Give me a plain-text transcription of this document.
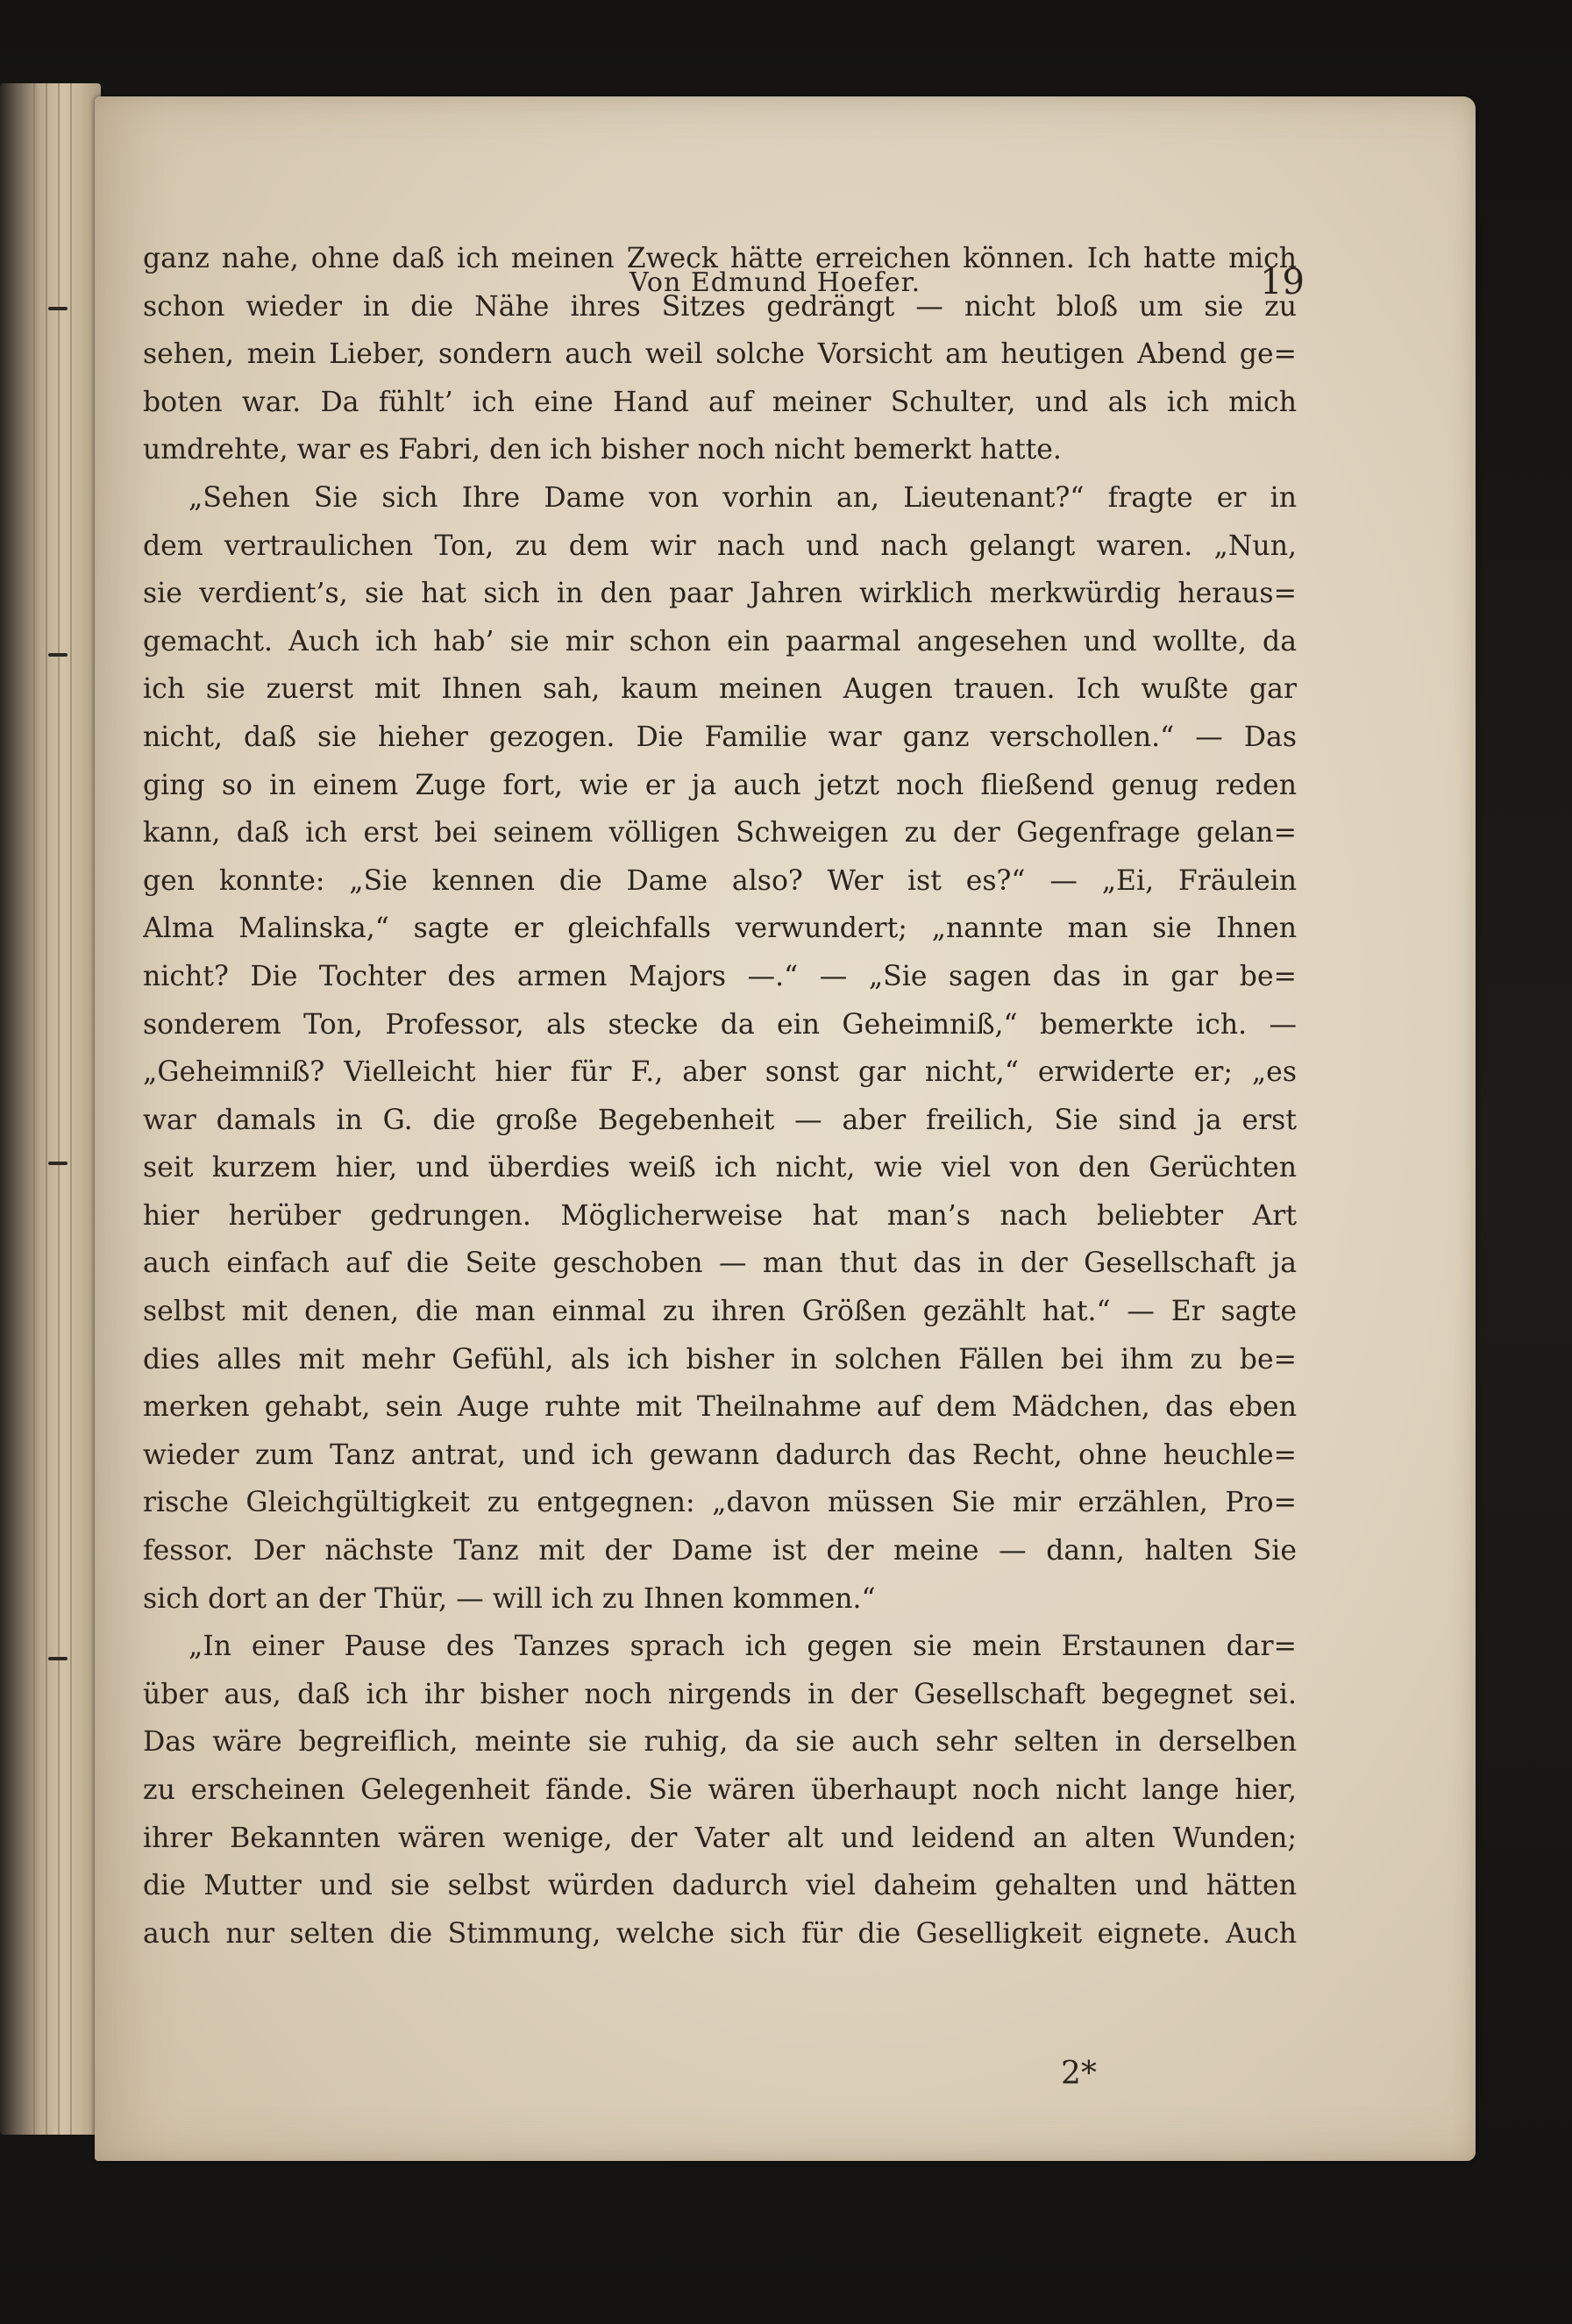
Von Edmund Hoefer.	19
ganz nahe, ohne daß ich meinen Zweck hätte erreichen können. Ich hatte mich
schon wieder in die Nähe ihres Sitzes gedrängt — nicht bloß um sie zu
sehen, mein Lieber, sondern auch weil solche Vorsicht am heutigen Abend ge=
boten war. Da fühlt’ ich eine Hand auf meiner Schulter, und als ich mich
umdrehte, war es Fabri, den ich bisher noch nicht bemerkt hatte.
„Sehen Sie sich Ihre Dame von vorhin an, Lieutenant?“ fragte er in
dem vertraulichen Ton, zu dem wir nach und nach gelangt waren. „Nun,
sie verdient’s, sie hat sich in den paar Jahren wirklich merkwürdig heraus=
gemacht. Auch ich hab’ sie mir schon ein paarmal angesehen und wollte, da
ich sie zuerst mit Ihnen sah, kaum meinen Augen trauen. Ich wußte gar
nicht, daß sie hieher gezogen. Die Familie war ganz verschollen.“ — Das
ging so in einem Zuge fort, wie er ja auch jetzt noch fließend genug reden
kann, daß ich erst bei seinem völligen Schweigen zu der Gegenfrage gelan=
gen konnte: „Sie kennen die Dame also? Wer ist es?“ — „Ei, Fräulein
Alma Malinska,“ sagte er gleichfalls verwundert; „nannte man sie Ihnen
nicht? Die Tochter des armen Majors —.“ — „Sie sagen das in gar be=
sonderem Ton, Professor, als stecke da ein Geheimniß,“ bemerkte ich. —
„Geheimniß? Vielleicht hier für F., aber sonst gar nicht,“ erwiderte er; „es
war damals in G. die große Begebenheit — aber freilich, Sie sind ja erst
seit kurzem hier, und überdies weiß ich nicht, wie viel von den Gerüchten
hier herüber gedrungen. Möglicherweise hat man’s nach beliebter Art
auch einfach auf die Seite geschoben — man thut das in der Gesellschaft ja
selbst mit denen, die man einmal zu ihren Größen gezählt hat.“ — Er sagte
dies alles mit mehr Gefühl, als ich bisher in solchen Fällen bei ihm zu be=
merken gehabt, sein Auge ruhte mit Theilnahme auf dem Mädchen, das eben
wieder zum Tanz antrat, und ich gewann dadurch das Recht, ohne heuchle=
rische Gleichgültigkeit zu entgegnen: „davon müssen Sie mir erzählen, Pro=
fessor. Der nächste Tanz mit der Dame ist der meine — dann, halten Sie
sich dort an der Thür, — will ich zu Ihnen kommen.“
„In einer Pause des Tanzes sprach ich gegen sie mein Erstaunen dar=
über aus, daß ich ihr bisher noch nirgends in der Gesellschaft begegnet sei.
Das wäre begreiflich, meinte sie ruhig, da sie auch sehr selten in derselben
zu erscheinen Gelegenheit fände. Sie wären überhaupt noch nicht lange hier,
ihrer Bekannten wären wenige, der Vater alt und leidend an alten Wunden;
die Mutter und sie selbst würden dadurch viel daheim gehalten und hätten
auch nur selten die Stimmung, welche sich für die Geselligkeit eignete. Auch
2*
